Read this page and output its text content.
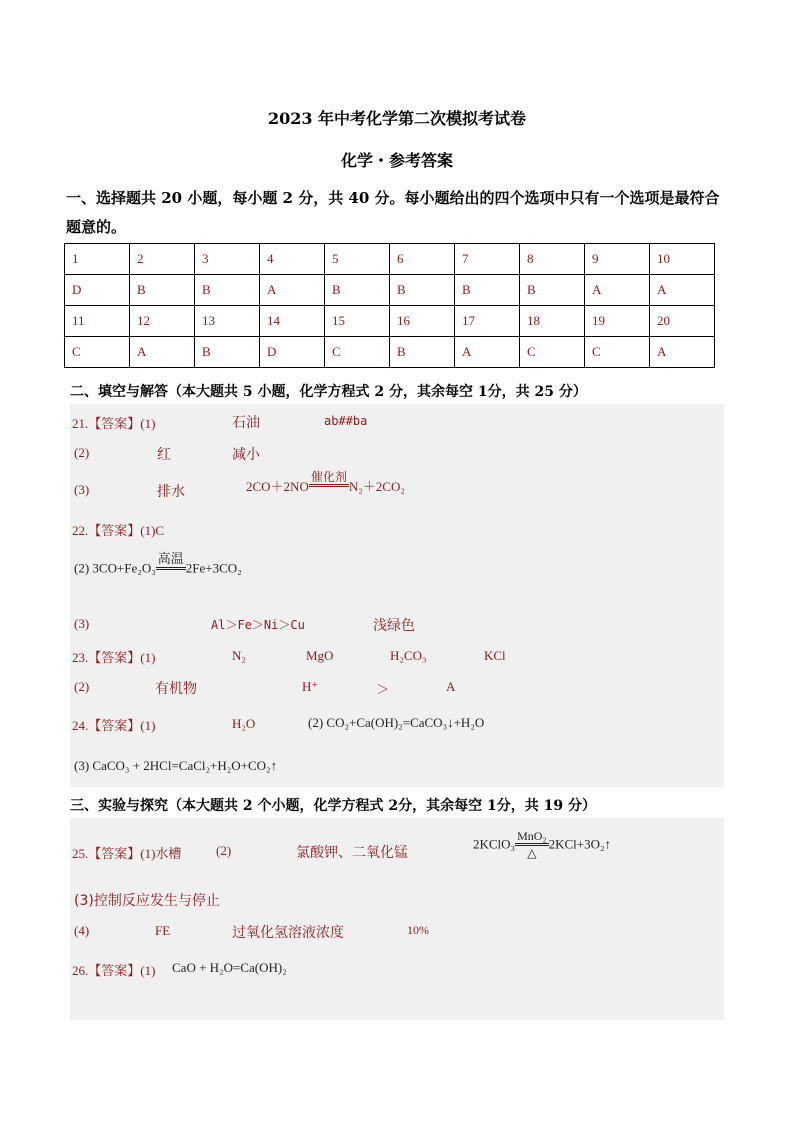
2023 年中考化学第二次模拟考试卷
化学・参考答案
一、选择题共 20 小题，每小题 2 分，共 40 分。每小题给出的四个选项中只有一个选项是最符合题意的。
1	2	3	4	5	6	7	8	9	10
D	B	B	A	B	B	B	B	A	A
11	12	13	14	15	16	17	18	19	20
C	A	B	D	C	B	A	C	C	A
二、填空与解答（本大题共 5 小题，化学方程式 2 分，其余每空 1分，共 25 分）
21.【答案】(1)	石油	ab##ba
(2)	红	减小
(3)	排水	2CO＋2NO
催化剂

N₂＋2CO₂
22.【答案】(1)C
(2) 3CO+Fe₂O₃
高温

2Fe+3CO₂
(3)	Al＞Fe＞Ni＞Cu	浅绿色
23.【答案】(1)	N₂	MgO	H₂CO₃	KCl
(2)	有机物	H⁺	＞	A
24.【答案】(1)	H₂O	(2) CO₂+Ca(OH)₂=CaCO₃↓+H₂O
(3) CaCO₃ + 2HCl=CaCl₂+H₂O+CO₂↑
三、实验与探究（本大题共 2 个小题，化学方程式 2分，其余每空 1分，共 19 分）
25.【答案】(1)水槽	(2)	氯酸钾、二氧化锰
2KClO₃ $\frac{\text{MnO₂}}{\triangle}$ 2KCl+3O₂↑
(3)控制反应发生与停止
(4)	FE	过氧化氢溶液浓度	10%
26.【答案】(1) CaO + H₂O=Ca(OH)₂
